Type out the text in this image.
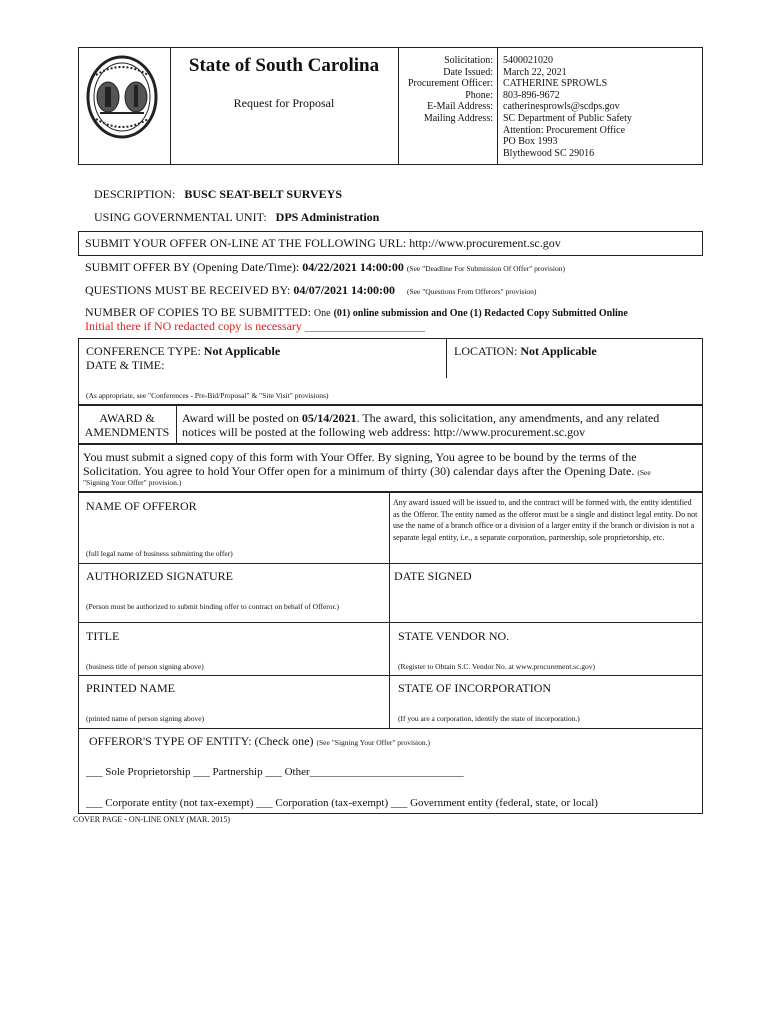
State of South Carolina
Request for Proposal
Solicitation:
Date Issued:
Procurement Officer:
Phone:
E-Mail Address:
Mailing Address:
5400021020
March 22, 2021
CATHERINE SPROWLS
803-896-9672
catherinesprowls@scdps.gov
SC Department of Public Safety
Attention: Procurement Office
PO Box 1993
Blythewood SC 29016
DESCRIPTION: BUSC SEAT-BELT SURVEYS
USING GOVERNMENTAL UNIT: DPS Administration
SUBMIT YOUR OFFER ON-LINE AT THE FOLLOWING URL: http://www.procurement.sc.gov
SUBMIT OFFER BY (Opening Date/Time): 04/22/2021 14:00:00 (See "Deadline For Submission Of Offer" provision)
QUESTIONS MUST BE RECEIVED BY: 04/07/2021 14:00:00 (See "Questions From Offerors" provision)
NUMBER OF COPIES TO BE SUBMITTED: One (01) online submission and One (1) Redacted Copy Submitted Online
Initial there if NO redacted copy is necessary ____________________
CONFERENCE TYPE: Not Applicable
DATE & TIME:
LOCATION: Not Applicable
(As appropriate, see "Conferences - Pre-Bid/Proposal" & "Site Visit" provisions)
AWARD &
AMENDMENTS
Award will be posted on 05/14/2021. The award, this solicitation, any amendments, and any related
notices will be posted at the following web address: http://www.procurement.sc.gov
You must submit a signed copy of this form with Your Offer. By signing, You agree to be bound by the terms of the
Solicitation. You agree to hold Your Offer open for a minimum of thirty (30) calendar days after the Opening Date. (See
"Signing Your Offer" provision.)
NAME OF OFFEROR
(full legal name of business submitting the offer)
Any award issued will be issued to, and the contract will be formed with, the entity identified as the Offeror. The entity named as the offeror must be a single and distinct legal entity. Do not use the name of a branch office or a division of a larger entity if the branch or division is not a separate legal entity, i.e., a separate corporation, partnership, sole proprietorship, etc.
AUTHORIZED SIGNATURE
(Person must be authorized to submit binding offer to contract on behalf of Offeror.)
DATE SIGNED
TITLE
(business title of person signing above)
STATE VENDOR NO.
(Register to Obtain S.C. Vendor No. at www.procurement.sc.gov)
PRINTED NAME
(printed name of person signing above)
STATE OF INCORPORATION
(If you are a corporation, identify the state of incorporation.)
OFFEROR'S TYPE OF ENTITY: (Check one) (See "Signing Your Offer" provision.)
___ Sole Proprietorship ___ Partnership ___ Other____________________________
___ Corporate entity (not tax-exempt) ___ Corporation (tax-exempt) ___ Government entity (federal, state, or local)
COVER PAGE - ON-LINE ONLY (MAR. 2015)
